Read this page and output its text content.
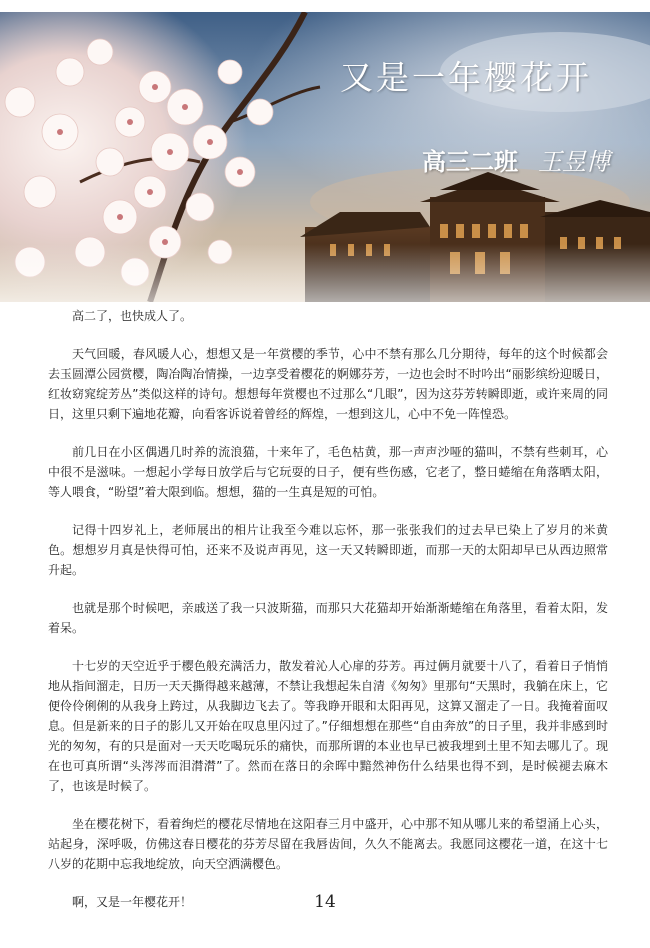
又是一年樱花开
高三二班 王昱博

高二了，也快成人了。

天气回暖，春风暖人心，想想又是一年赏樱的季节，心中不禁有那么几分期待，每年的这个时候都会去玉圆潭公园赏樱，陶冶陶冶情操，一边享受着樱花的婀娜芬芳，一边也会时不时吟出“丽影缤纷迎暖日，红妆窈窕绽芳丛”类似这样的诗句。想想每年赏樱也不过那么“几眼”，因为这芬芳转瞬即逝，或许来周的同日，这里只剩下遍地花瓣，向看客诉说着曾经的辉煌，一想到这儿，心中不免一阵惶恐。

前几日在小区偶遇几时养的流浪猫，十来年了，毛色枯黄，那一声声沙哑的猫叫，不禁有些刺耳，心中很不是滋味。一想起小学每日放学后与它玩耍的日子，便有些伤感，它老了，整日蜷缩在角落晒太阳，等人喂食，“盼望”着大限到临。想想，猫的一生真是短的可怕。

记得十四岁礼上，老师展出的相片让我至今难以忘怀，那一张张我们的过去早已染上了岁月的米黄色。想想岁月真是快得可怕，还来不及说声再见，这一天又转瞬即逝，而那一天的太阳却早已从西边照常升起。

也就是那个时候吧，亲戚送了我一只波斯猫，而那只大花猫却开始渐渐蜷缩在角落里，看着太阳，发着呆。

十七岁的天空近乎于樱色般充满活力，散发着沁人心扉的芬芳。再过俩月就要十八了，看着日子悄悄地从指间溜走，日历一天天撕得越来越薄，不禁让我想起朱自清《匆匆》里那句“天黑时，我躺在床上，它便伶伶俐俐的从我身上跨过，从我脚边飞去了。等我睁开眼和太阳再见，这算又溜走了一日。我掩着面叹息。但是新来的日子的影儿又开始在叹息里闪过了。”仔细想想在那些“自由奔放”的日子里，我并非感到时光的匆匆，有的只是面对一天天吃喝玩乐的痛快，而那所谓的本业也早已被我埋到土里不知去哪儿了。现在也可真所谓“头涔涔而泪潸潸”了。然而在落日的余晖中黯然神伤什么结果也得不到，是时候褪去麻木了，也该是时候了。

坐在樱花树下，看着绚烂的樱花尽情地在这阳春三月中盛开，心中那不知从哪儿来的希望涌上心头，站起身，深呼吸，仿佛这春日樱花的芬芳尽留在我唇齿间，久久不能离去。我愿同这樱花一道，在这十七八岁的花期中忘我地绽放，向天空洒满樱色。

啊，又是一年樱花开！	14
